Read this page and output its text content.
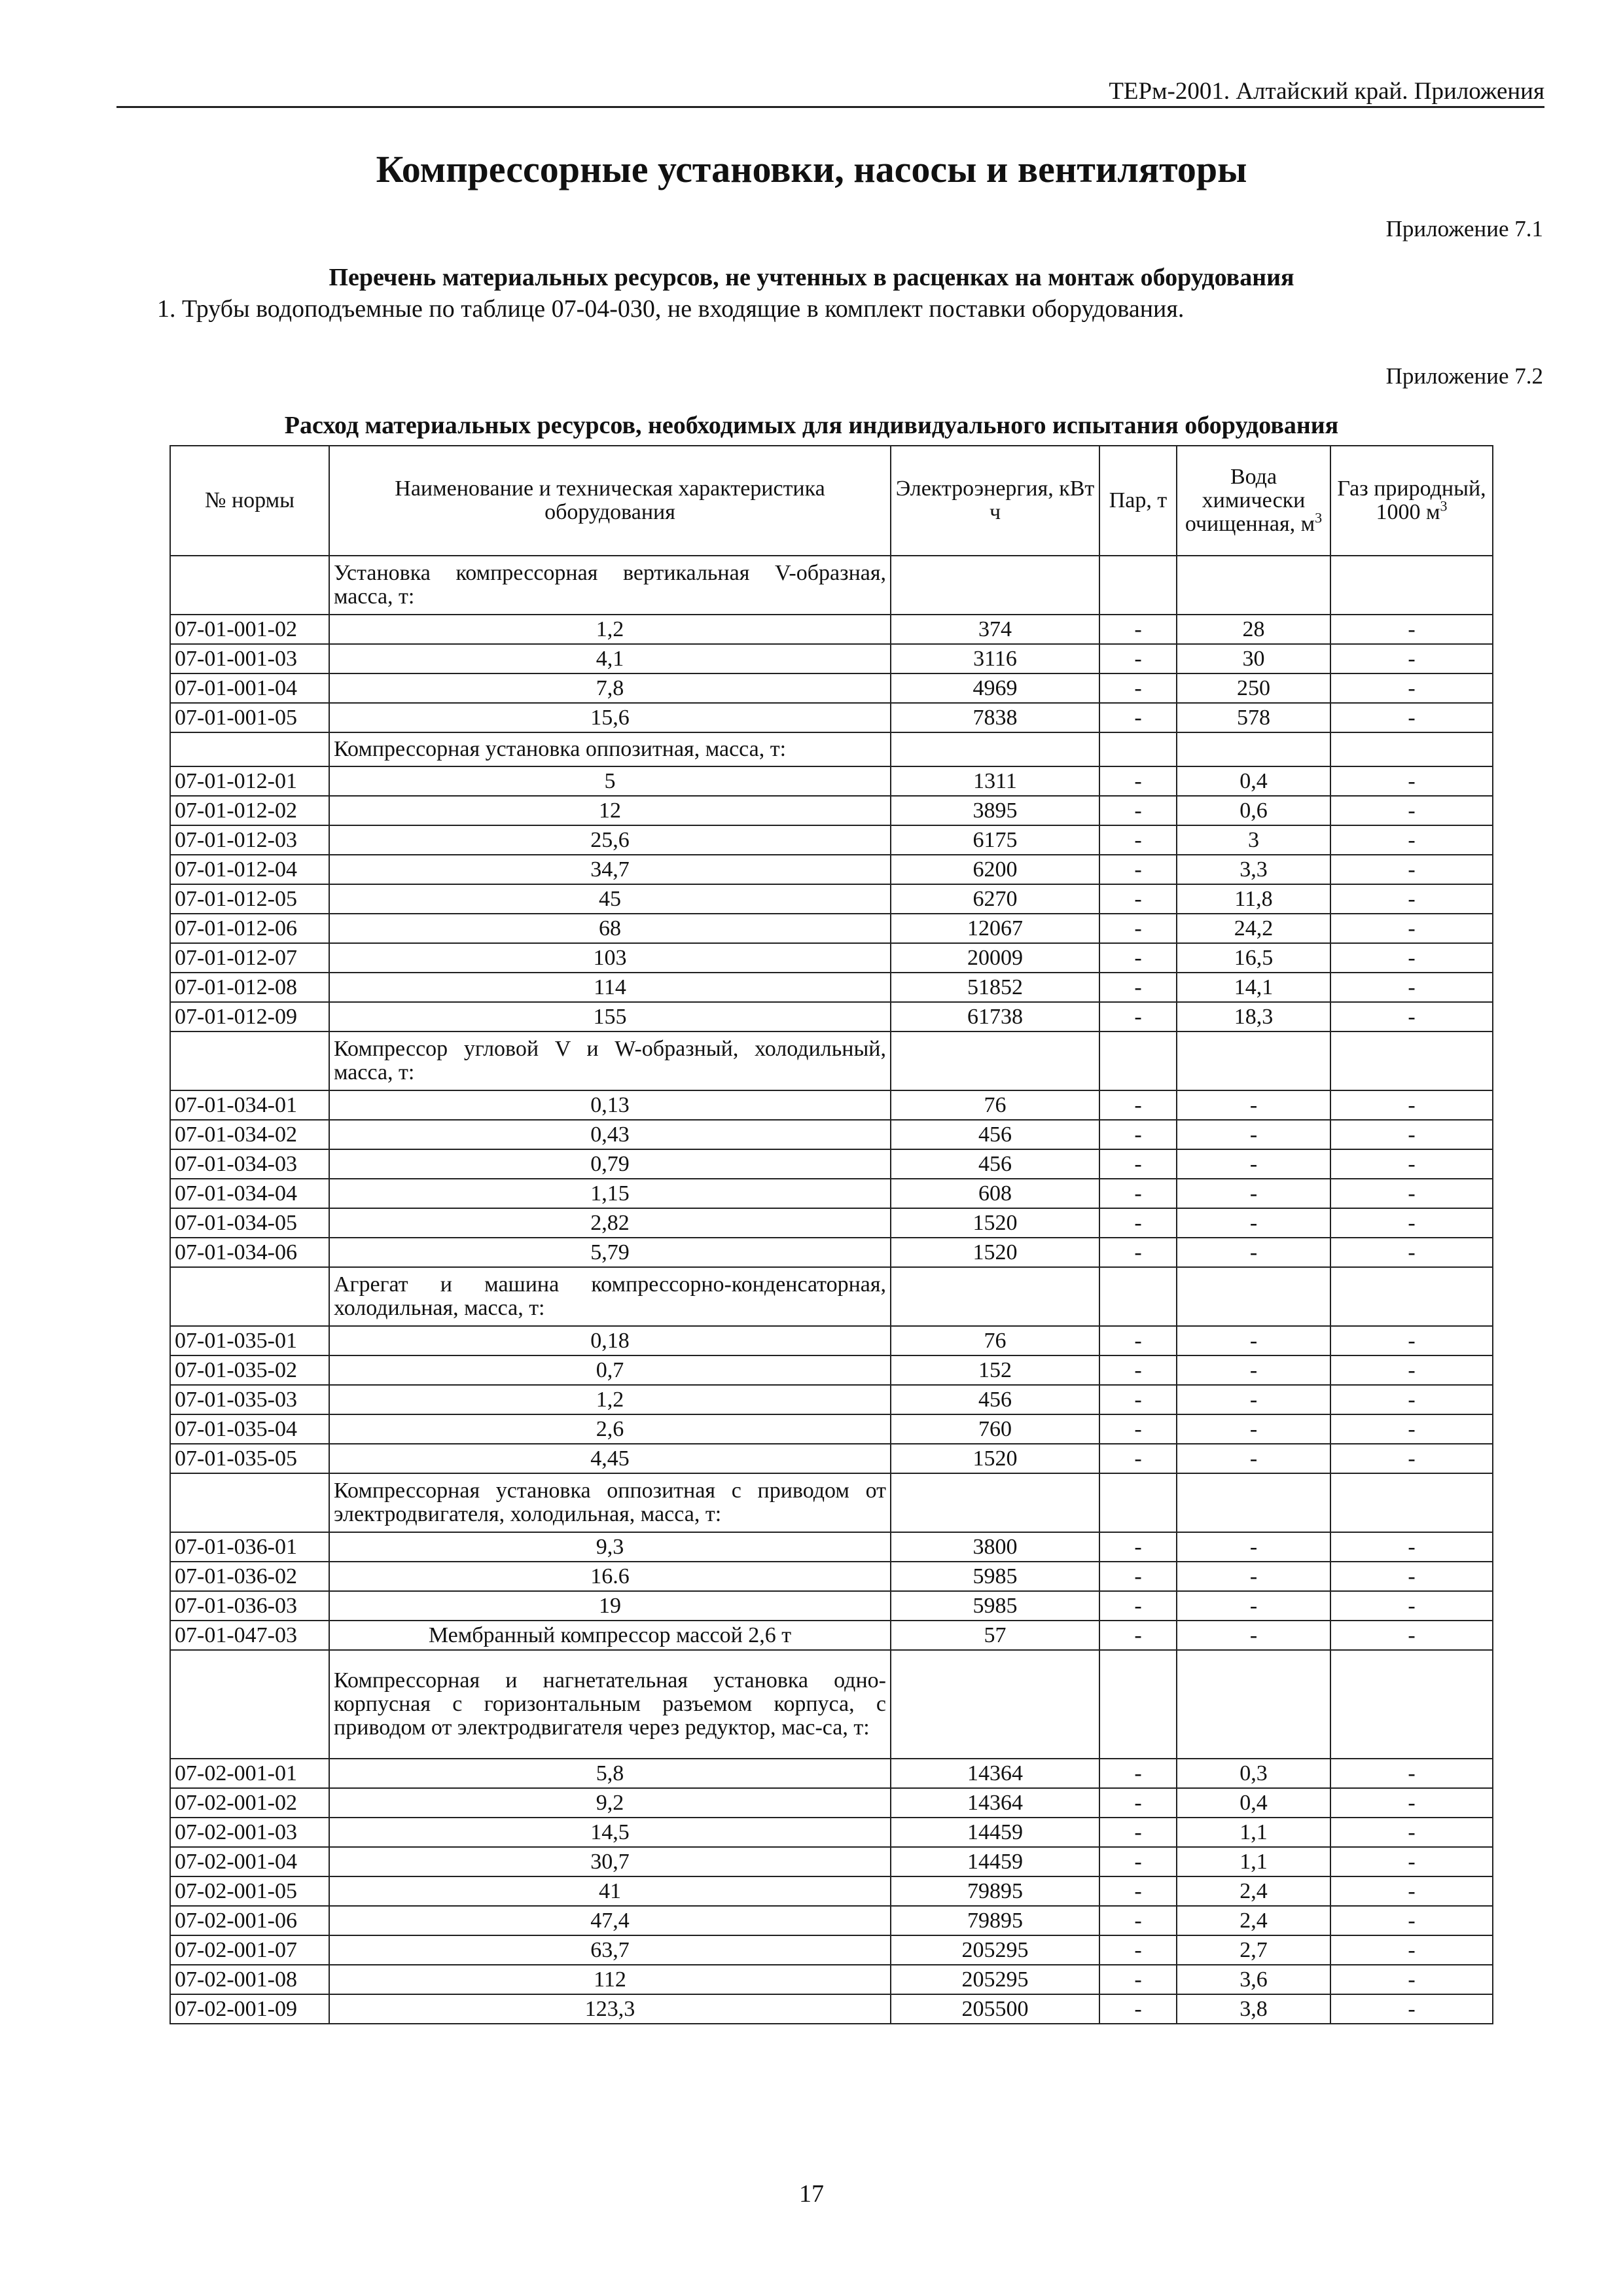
ТЕРм-2001. Алтайский край. Приложения
Компрессорные установки, насосы и вентиляторы
Приложение 7.1
Перечень материальных ресурсов, не учтенных в расценках на монтаж оборудования
1. Трубы водоподъемные по таблице 07-04-030, не входящие в комплект поставки оборудования.
Приложение 7.2
Расход материальных ресурсов, необходимых для индивидуального испытания оборудования
№ нормы	Наименование и техническая характеристика оборудования	Электроэнергия, кВт ч	Пар, т	Вода химически очищенная, $м^3$	Газ природный, 1000 $м^3$
	Установка компрессорная вертикальная V-образная, масса, т:				
07-01-001-02	1,2	374	-	28	-
07-01-001-03	4,1	3116	-	30	-
07-01-001-04	7,8	4969	-	250	-
07-01-001-05	15,6	7838	-	578	-
	Компрессорная установка оппозитная, масса, т:				
07-01-012-01	5	1311	-	0,4	-
07-01-012-02	12	3895	-	0,6	-
07-01-012-03	25,6	6175	-	3	-
07-01-012-04	34,7	6200	-	3,3	-
07-01-012-05	45	6270	-	11,8	-
07-01-012-06	68	12067	-	24,2	-
07-01-012-07	103	20009	-	16,5	-
07-01-012-08	114	51852	-	14,1	-
07-01-012-09	155	61738	-	18,3	-
	Компрессор угловой V и W-образный, холодильный, масса, т:				
07-01-034-01	0,13	76	-	-	-
07-01-034-02	0,43	456	-	-	-
07-01-034-03	0,79	456	-	-	-
07-01-034-04	1,15	608	-	-	-
07-01-034-05	2,82	1520	-	-	-
07-01-034-06	5,79	1520	-	-	-
	Агрегат и машина компрессорно-конденсаторная, холодильная, масса, т:				
07-01-035-01	0,18	76	-	-	-
07-01-035-02	0,7	152	-	-	-
07-01-035-03	1,2	456	-	-	-
07-01-035-04	2,6	760	-	-	-
07-01-035-05	4,45	1520	-	-	-
	Компрессорная установка оппозитная с приводом от электродвигателя, холодильная, масса, т:				
07-01-036-01	9,3	3800	-	-	-
07-01-036-02	16.6	5985	-	-	-
07-01-036-03	19	5985	-	-	-
07-01-047-03	Мембранный компрессор массой 2,6 т	57	-	-	-
	Компрессорная и нагнетательная установка одно-корпусная с горизонтальным разъемом корпуса, с приводом от электродвигателя через редуктор, мас-са, т:				
07-02-001-01	5,8	14364	-	0,3	-
07-02-001-02	9,2	14364	-	0,4	-
07-02-001-03	14,5	14459	-	1,1	-
07-02-001-04	30,7	14459	-	1,1	-
07-02-001-05	41	79895	-	2,4	-
07-02-001-06	47,4	79895	-	2,4	-
07-02-001-07	63,7	205295	-	2,7	-
07-02-001-08	112	205295	-	3,6	-
07-02-001-09	123,3	205500	-	3,8	-
17
